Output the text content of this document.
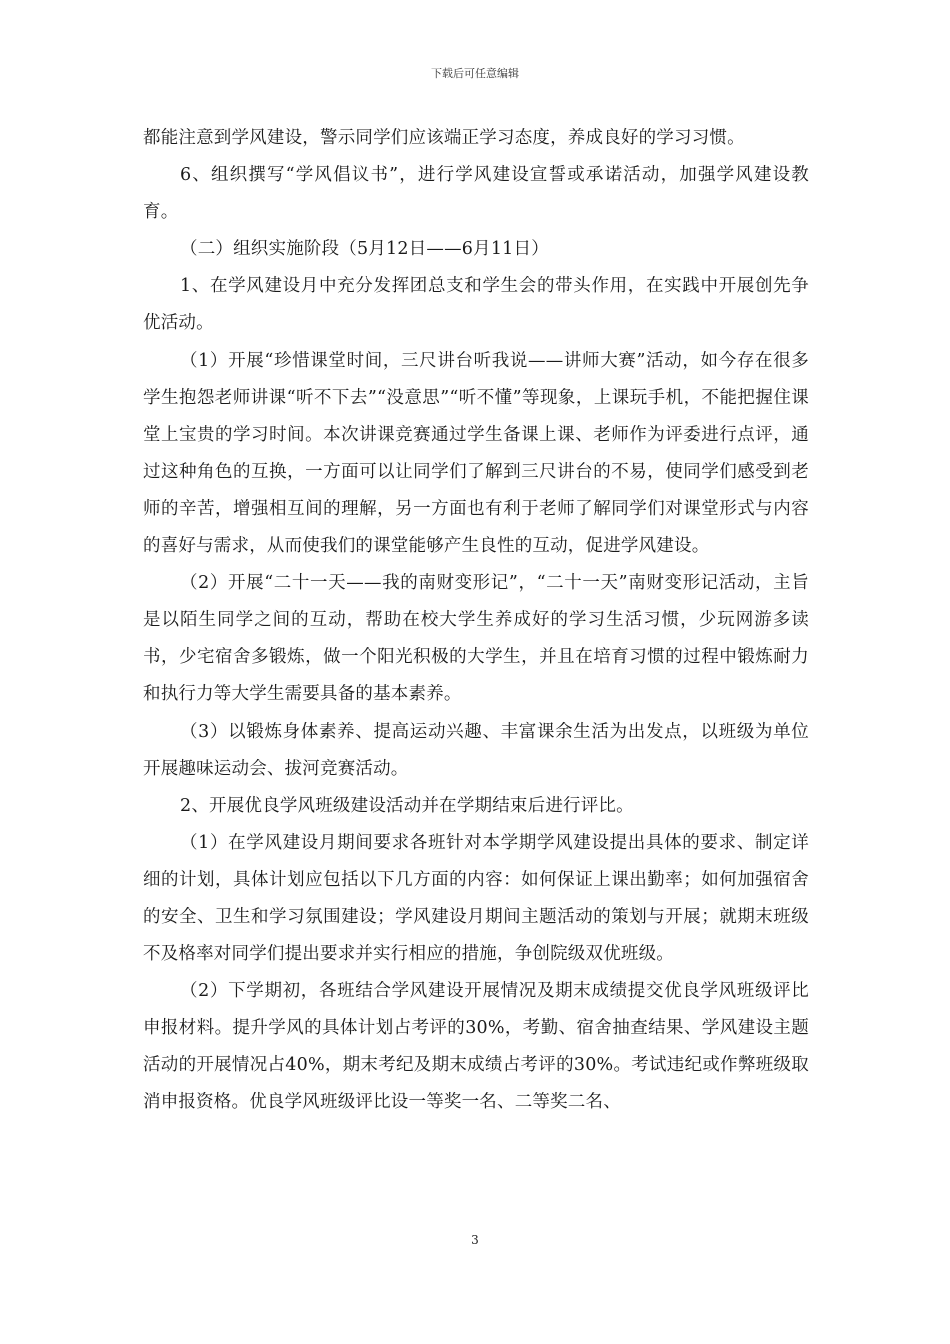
下载后可任意编辑

都能注意到学风建设，警示同学们应该端正学习态度，养成良好的学习习惯。

6、组织撰写“学风倡议书”，进行学风建设宣誓或承诺活动，加强学风建设教育。

（二）组织实施阶段（5月12日——6月11日）

1、在学风建设月中充分发挥团总支和学生会的带头作用，在实践中开展创先争优活动。

（1）开展“珍惜课堂时间，三尺讲台听我说——讲师大赛”活动，如今存在很多学生抱怨老师讲课“听不下去”“没意思”“听不懂”等现象，上课玩手机，不能把握住课堂上宝贵的学习时间。本次讲课竞赛通过学生备课上课、老师作为评委进行点评，通过这种角色的互换，一方面可以让同学们了解到三尺讲台的不易，使同学们感受到老师的辛苦，增强相互间的理解，另一方面也有利于老师了解同学们对课堂形式与内容的喜好与需求，从而使我们的课堂能够产生良性的互动，促进学风建设。

（2）开展“二十一天——我的南财变形记”，“二十一天”南财变形记活动，主旨是以陌生同学之间的互动，帮助在校大学生养成好的学习生活习惯，少玩网游多读书，少宅宿舍多锻炼，做一个阳光积极的大学生，并且在培育习惯的过程中锻炼耐力和执行力等大学生需要具备的基本素养。

（3）以锻炼身体素养、提高运动兴趣、丰富课余生活为出发点，以班级为单位开展趣味运动会、拔河竞赛活动。

2、开展优良学风班级建设活动并在学期结束后进行评比。

（1）在学风建设月期间要求各班针对本学期学风建设提出具体的要求、制定详细的计划，具体计划应包括以下几方面的内容：如何保证上课出勤率；如何加强宿舍的安全、卫生和学习氛围建设；学风建设月期间主题活动的策划与开展；就期末班级不及格率对同学们提出要求并实行相应的措施，争创院级双优班级。

（2）下学期初，各班结合学风建设开展情况及期末成绩提交优良学风班级评比申报材料。提升学风的具体计划占考评的30%，考勤、宿舍抽查结果、学风建设主题活动的开展情况占40%，期末考纪及期末成绩占考评的30%。考试违纪或作弊班级取消申报资格。优良学风班级评比设一等奖一名、二等奖二名、

3
